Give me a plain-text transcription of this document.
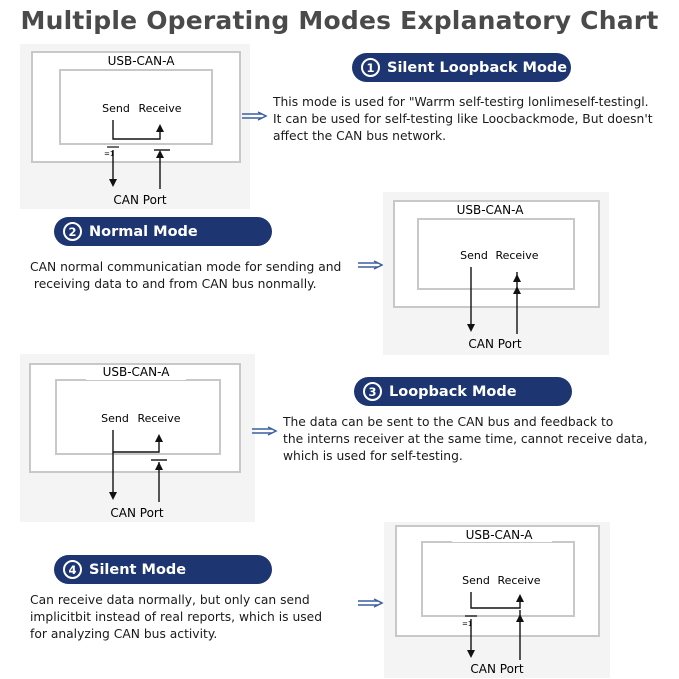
Multiple Operating Modes Explanatory Chart
USB-CAN-A
Send Receive
=1
CAN Port
1 Silent Loopback Mode
This mode is used for "Warrm self-testirg lonlimeself-testingl.
It can be used for self-testing like Loocbackmode, But doesn't
affect the CAN bus network.
2 Normal Mode
CAN normal communicatian mode for sending and
receiving data to and from CAN bus nonmally.
USB-CAN-A
Send Receive
CAN Port
USB-CAN-A
Send Receive
CAN Port
3 Loopback Mode
The data can be sent to the CAN bus and feedback to
the interns receiver at the same time, cannot receive data,
which is used for self-testing.
4 Silent Mode
Can receive data normally, but only can send
implicitbit instead of real reports, which is used
for analyzing CAN bus activity.
USB-CAN-A
Send Receive
=1
CAN Port
